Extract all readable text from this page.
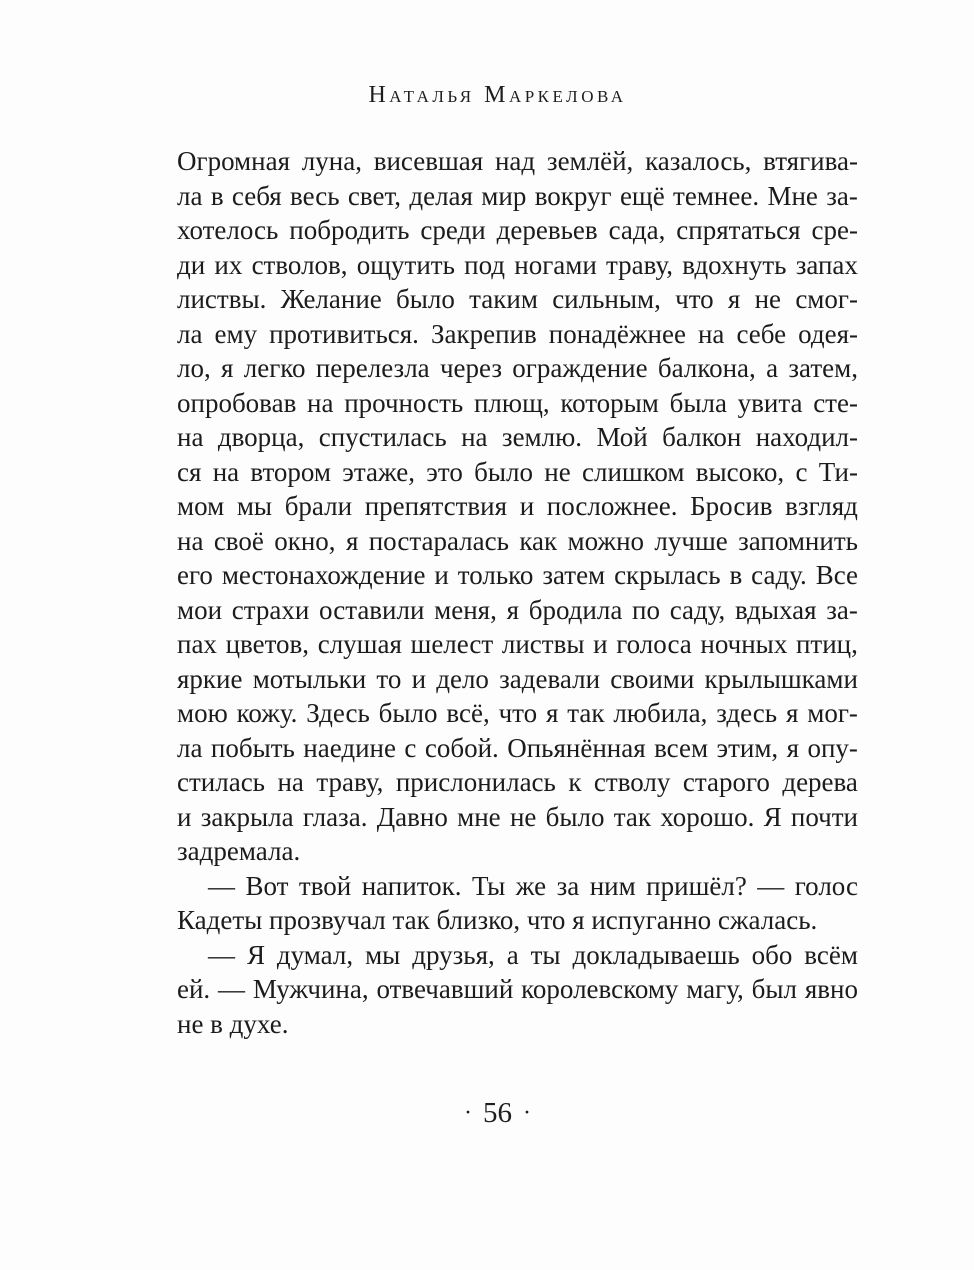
Наталья Маркелова
Огромная луна, висевшая над землёй, казалось, втягива-
ла в себя весь свет, делая мир вокруг ещё темнее. Мне за-
хотелось побродить среди деревьев сада, спрятаться сре-
ди их стволов, ощутить под ногами траву, вдохнуть запах
листвы. Желание было таким сильным, что я не смог-
ла ему противиться. Закрепив понадёжнее на себе одея-
ло, я легко перелезла через ограждение балкона, а затем,
опробовав на прочность плющ, которым была увита сте-
на дворца, спустилась на землю. Мой балкон находил-
ся на втором этаже, это было не слишком высоко, с Ти-
мом мы брали препятствия и посложнее. Бросив взгляд
на своё окно, я постаралась как можно лучше запомнить
его местонахождение и только затем скрылась в саду. Все
мои страхи оставили меня, я бродила по саду, вдыхая за-
пах цветов, слушая шелест листвы и голоса ночных птиц,
яркие мотыльки то и дело задевали своими крылышками
мою кожу. Здесь было всё, что я так любила, здесь я мог-
ла побыть наедине с собой. Опьянённая всем этим, я опу-
стилась на траву, прислонилась к стволу старого дерева
и закрыла глаза. Давно мне не было так хорошо. Я почти
задремала.
— Вот твой напиток. Ты же за ним пришёл? — голос
Кадеты прозвучал так близко, что я испуганно сжалась.
— Я думал, мы друзья, а ты докладываешь обо всём
ей. — Мужчина, отвечавший королевскому магу, был явно
не в духе.
· 56 ·
